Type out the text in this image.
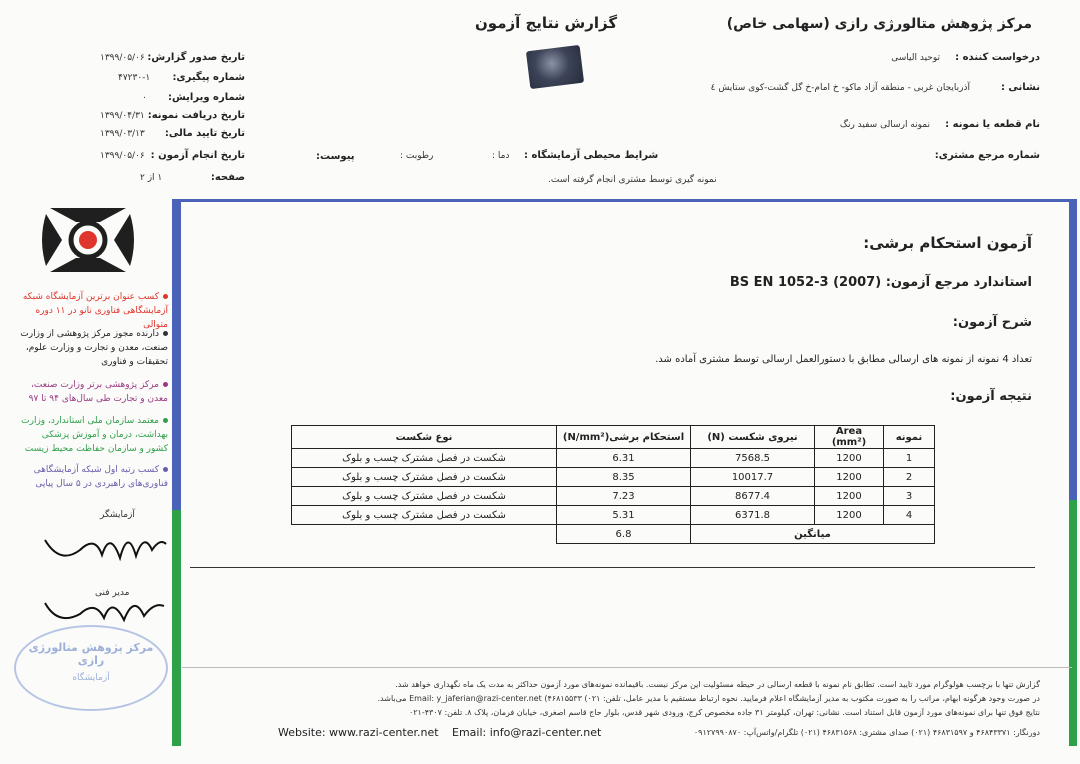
مرکز پژوهش متالورژی رازی (سهامی خاص)
گزارش نتایج آزمون
درخواست کننده :
توحید الیاسی
نشانی :
آذربایجان غربی - منطقه آزاد ماکو- خ امام-خ گل گشت-کوی ستایش ٤
نام قطعه یا نمونه :
نمونه ارسالی سفید رنگ
شماره مرجع مشتری:
شرایط محیطی آزمایشگاه :
دما :
رطوبت :
پیوست:
نمونه گیری توسط مشتری انجام گرفته است.
تاریخ صدور گزارش:
۱۳۹۹/۰۵/۰۶
شماره پیگیری:
۴۷۲۳۰-۱
شماره ویرایش:
۰
تاریخ دریافت نمونه:
۱۳۹۹/۰۴/۳۱
تاریخ تایید مالی:
۱۳۹۹/۰۳/۱۳
تاریخ انجام آزمون :
۱۳۹۹/۰۵/۰۶
صفحه:
۱ از ۲
کسب عنوان برترین آزمایشگاه شبکه آزمایشگاهی فناوری نانو در ۱۱ دوره متوالی
دارنده مجوز مرکز پژوهشی از وزارت صنعت، معدن و تجارت و وزارت علوم، تحقیقات و فناوری
مرکز پژوهشی برتر وزارت صنعت، معدن و تجارت طی سال‌های ۹۴ تا ۹۷
معتمد سازمان ملی استاندارد، وزارت بهداشت، درمان و آموزش پزشکی کشور و سازمان حفاظت محیط زیست
کسب رتبه اول شبکه آزمایشگاهی فناوری‌های راهبردی در ۵ سال پیاپی
آزمایشگر
مدیر فنی
مرکز پژوهش متالورژی رازی
آزمایشگاه
آزمون استحکام برشی:
BS EN 1052-3 (2007) استاندارد مرجع آزمون:
شرح آزمون:
تعداد 4 نمونه از نمونه های ارسالی مطابق با دستورالعمل ارسالی توسط مشتری آماده شد.
نتیجه آزمون:
نمونه	Area (mm²)	نیروی شکست (N)	استحکام برشی(N/mm²)	نوع شکست
1	1200	7568.5	6.31	شکست در فصل مشترک چسب و بلوک
2	1200	10017.7	8.35	شکست در فصل مشترک چسب و بلوک
3	1200	8677.4	7.23	شکست در فصل مشترک چسب و بلوک
4	1200	6371.8	5.31	شکست در فصل مشترک چسب و بلوک
میانگین			6.8	
گزارش تنها با برچسب هولوگرام مورد تایید است. تطابق نام نمونه با قطعه ارسالی در حیطه مسئولیت این مرکز نیست. باقیمانده نمونه‌های مورد آزمون حداکثر به مدت یک ماه نگهداری خواهد شد.
در صورت وجود هرگونه ابهام، مراتب را به صورت مکتوب به مدیر آزمایشگاه اعلام فرمایید. نحوه ارتباط مستقیم با مدیر عامل، تلفن: ۰۲۱) ۴۶۸۱۵۵۳۳) Email: y_jaferian@razi-center.net می‌باشد.
نتایج فوق تنها برای نمونه‌های مورد آزمون قابل استناد است. نشانی: تهران، کیلومتر ۳۱ جاده مخصوص کرج، ورودی شهر قدس، بلوار حاج قاسم اصغری، خیابان فرمان، پلاک ۸. تلفن: ۴۳۰۷-۰۲۱
دورنگار: ۴۶۸۴۳۳۷۱ و ۴۶۸۳۱۵۹۷ (۰۲۱) صدای مشتری: ۴۶۸۳۱۵۶۸ (۰۲۱) تلگرام/واتس‌آپ: ۰۹۱۲۷۹۹۰۸۷۰
Website: www.razi-center.net Email: info@razi-center.net
